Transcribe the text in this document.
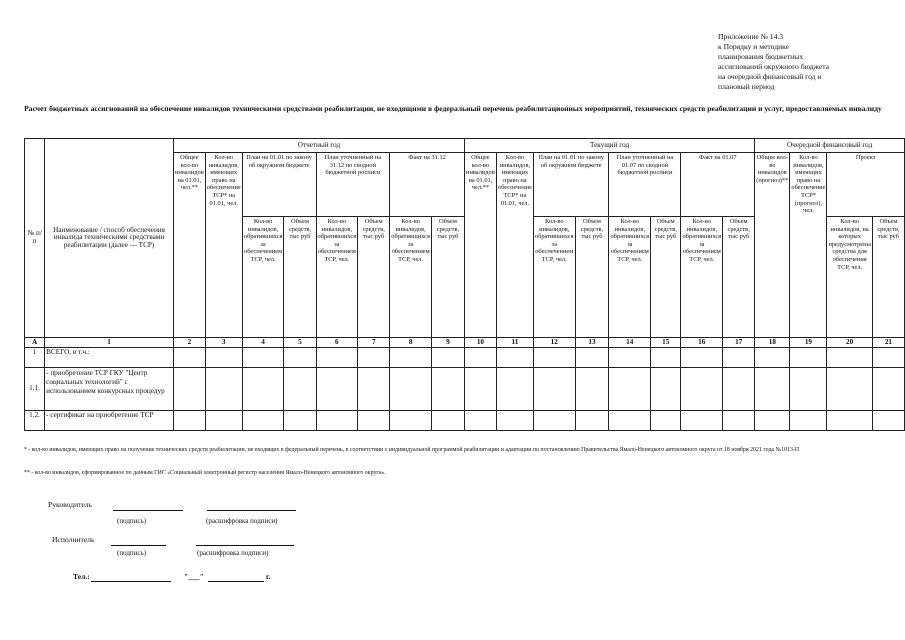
Приложение № 14.3
к Порядку и методике
планирования бюджетных
ассигнований окружного бюджета
на очередной финансовый год и
плановый период
Расчет бюджетных ассигнований на обеспечение инвалидов техническими средствами реабилитации, не входящими в федеральный перечень реабилитационных мероприятий, технических средств реабилитации и услуг, предоставляемых инвалиду
№ п/п	Наименование / способ обеспечения инвалида техническими средствами реабилитации (далее — ТСР)	Отчетный год								Текущий год								Очередной финансовый год			
		Общее кол-во инвалидов на 01.01, чел.**	Кол-во инвалидов, имеющих право на обеспечение ТСР* на 01.01, чел.	План на 01.01 по закону об окружном бюджете		План уточненный на 31.12 по сводной бюджетной росписи		Факт на 31.12		Общее кол-во инвалидов на 01.01, чел.**	Кол-во инвалидов, имеющих право на обеспечение ТСР* на 01.01, чел.	План на 01.01 по закону об окружном бюджете		План уточненный на 01.07 по сводной бюджетной росписи		Факт на 01.07		Общее кол-во инвалидов (прогноз)**	Кол-во инвалидов, имеющих право на обеспечение ТСР* (прогноз), чел.	Проект	
				Кол-во инвалидов, обратившихся за обеспечением ТСР, чел.	Объем средств, тыс руб	Кол-во инвалидов, обратившихся за обеспечением ТСР, чел.	Объем средств, тыс руб	Кол-во инвалидов, обратившихся за обеспечением ТСР, чел.	Объем средств, тыс руб			Кол-во инвалидов, обратившихся за обеспечением ТСР, чел.	Объем средств, тыс руб	Кол-во инвалидов, обратившихся за обеспечением ТСР, чел.	Объем средств, тыс руб	Кол-во инвалидов, обратившихся за обеспечением ТСР, чел.	Объем средств, тыс руб			Кол-во инвалидов, на которых предусмотрены средства для обеспечения ТСР, чел.	Объем средств, тыс руб
А	1	2	3	4	5	6	7	8	9	10	11	12	13	14	15	16	17	18	19	20	21
1	ВСЕГО, в т.ч.:																				
1.1.	- приобретение ТСР ГКУ "Центр социальных технологий" с использованием конкурсных процедур																				
1.2.	- сертификат на приобретение ТСР																				
* - кол-во инвалидов, имеющих право на получение технических средств реабилитации, не входящих в федеральный перечень, в соответствии с индивидуальной программой реабилитации и адаптации по постановлению Правительства Ямало-Ненецкого автономного округа от 18 ноября 2021 года №1013-П
** - кол-во инвалидов, сформированное по данным ГИС «Социальный электронный регистр населения Ямало-Ненецкого автономного округа».
Руководитель
(подпись)	(расшифровка подписи)
Исполнитель
(подпись)	(расшифровка подписи)
Тел.:	"___"	г.
